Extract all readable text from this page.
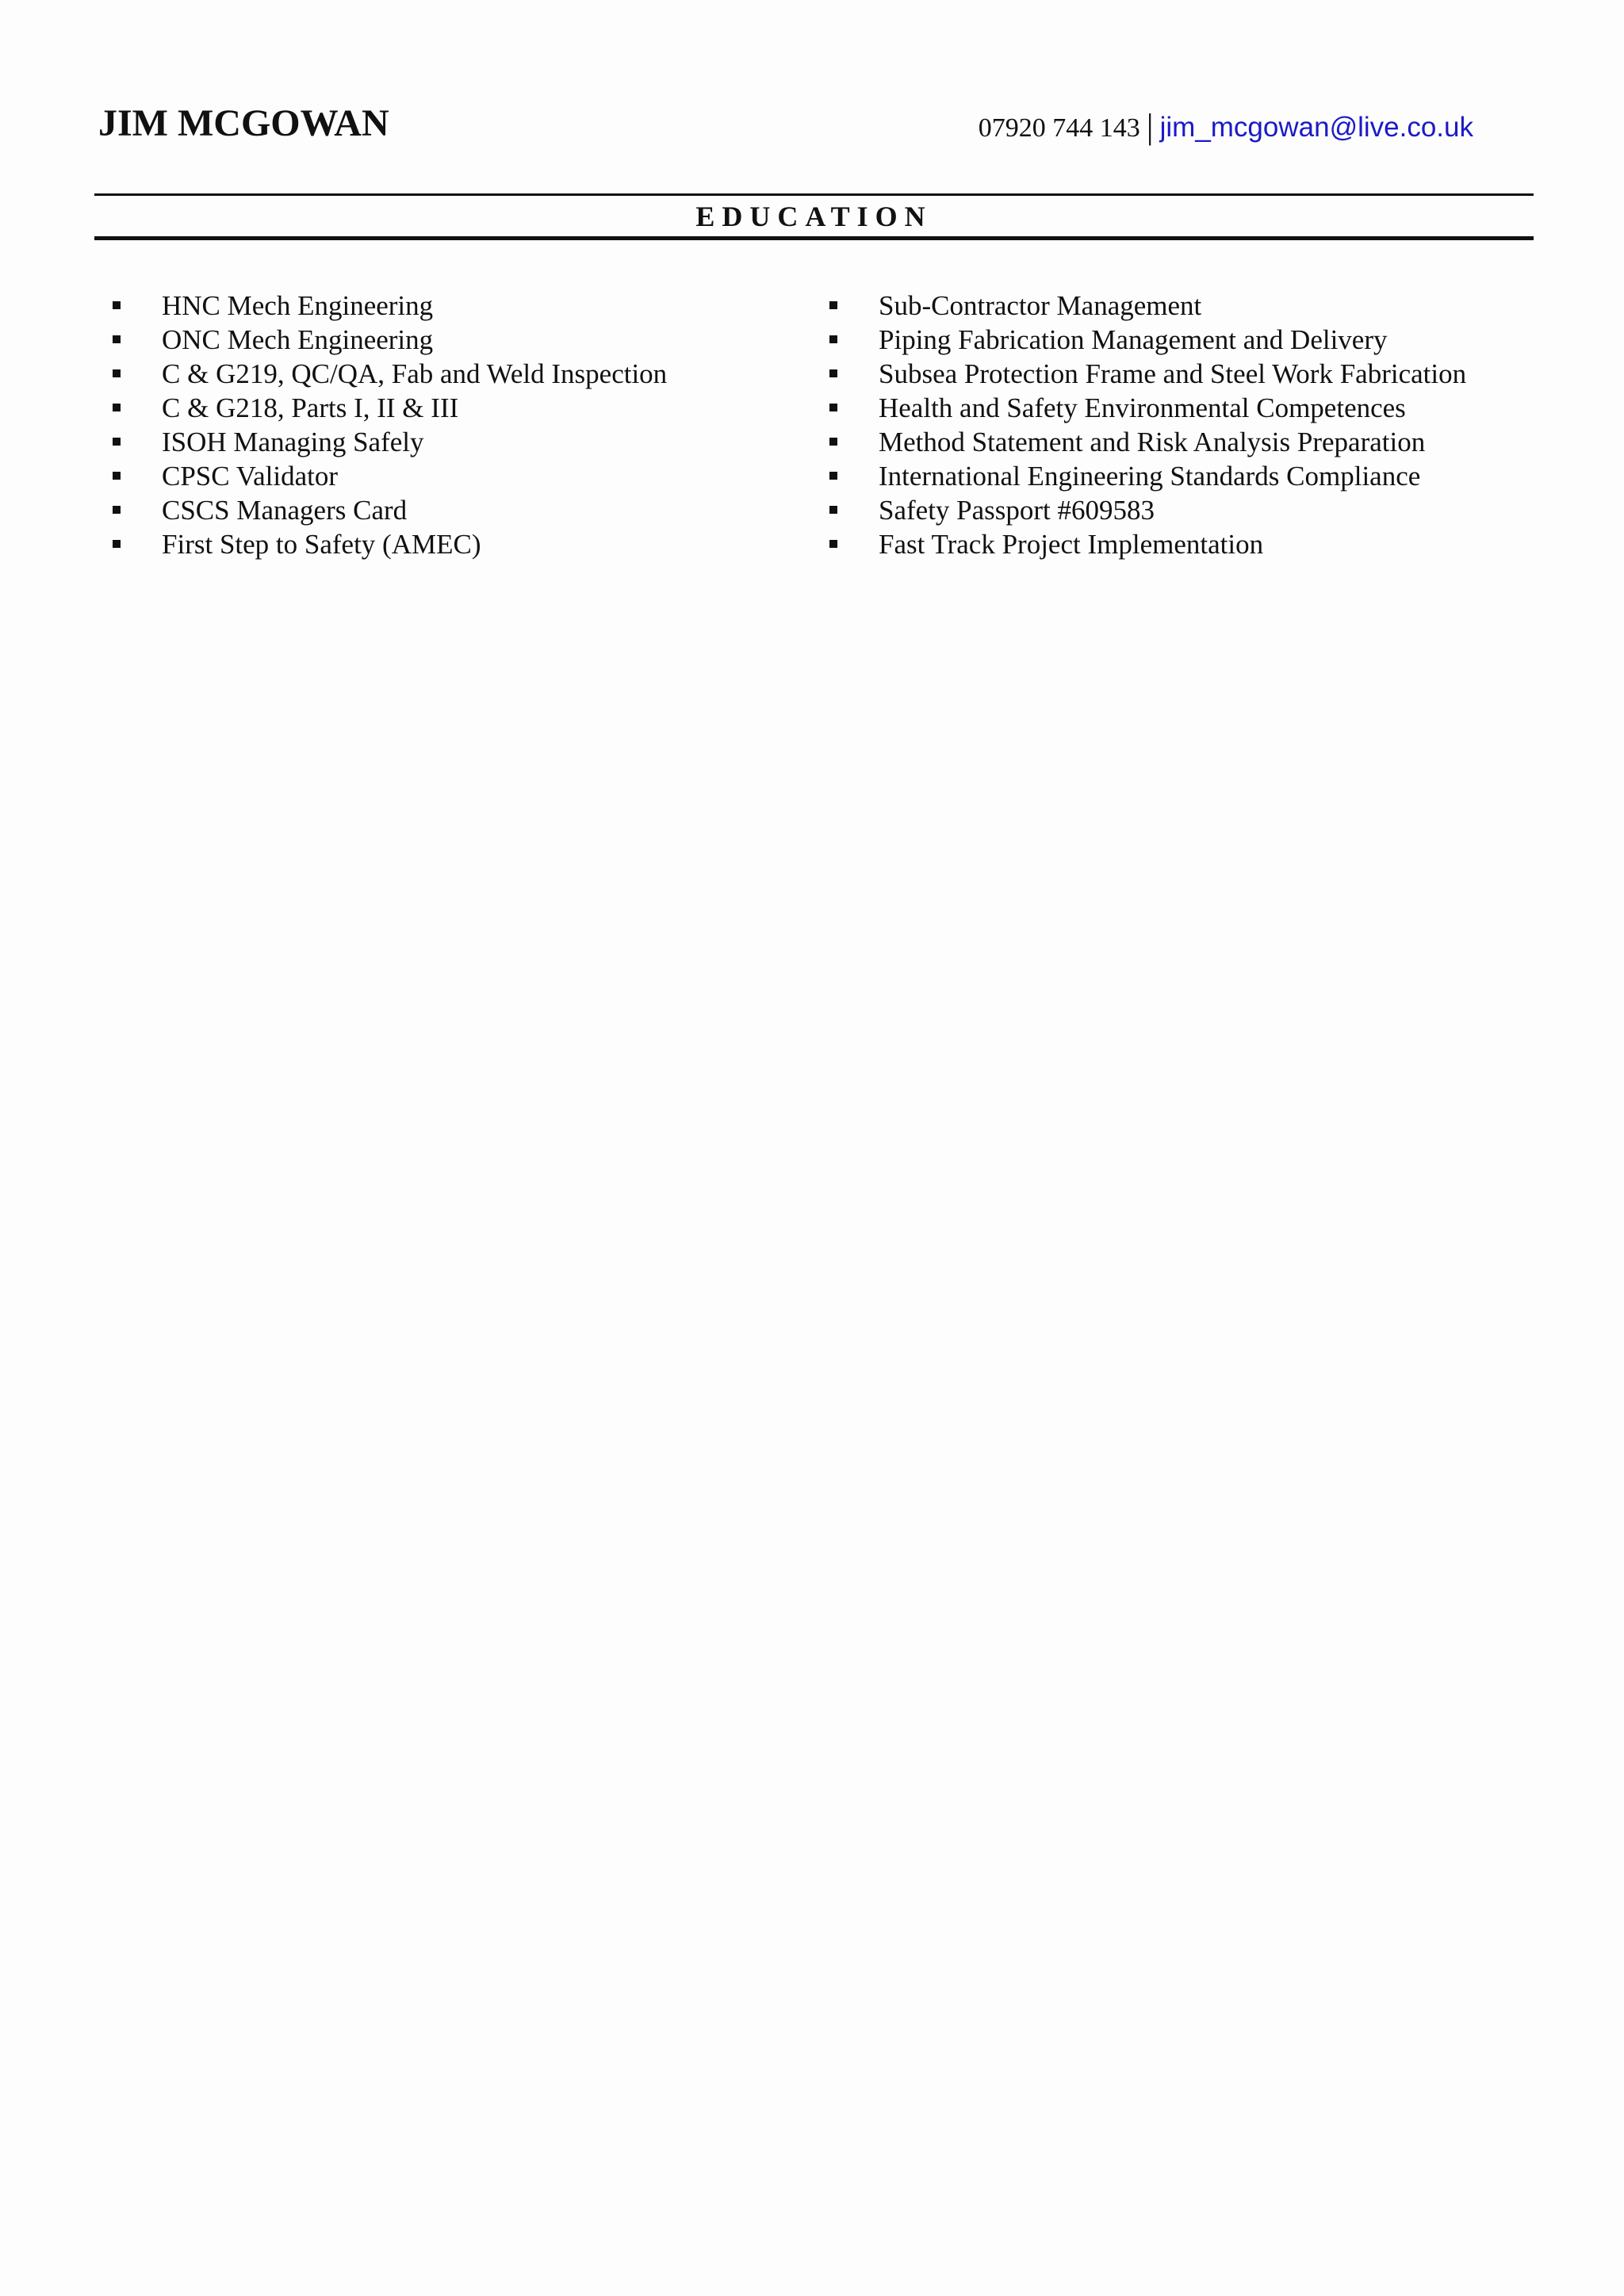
JIM MCGOWAN	07920 744 143 | jim_mcgowan@live.co.uk
EDUCATION
HNC Mech Engineering
ONC Mech Engineering
C & G219, QC/QA, Fab and Weld Inspection
C & G218, Parts I, II & III
ISOH Managing Safely
CPSC Validator
CSCS Managers Card
First Step to Safety (AMEC)
Sub-Contractor Management
Piping Fabrication Management and Delivery
Subsea Protection Frame and Steel Work Fabrication
Health and Safety Environmental Competences
Method Statement and Risk Analysis Preparation
International Engineering Standards Compliance
Safety Passport #609583
Fast Track Project Implementation
